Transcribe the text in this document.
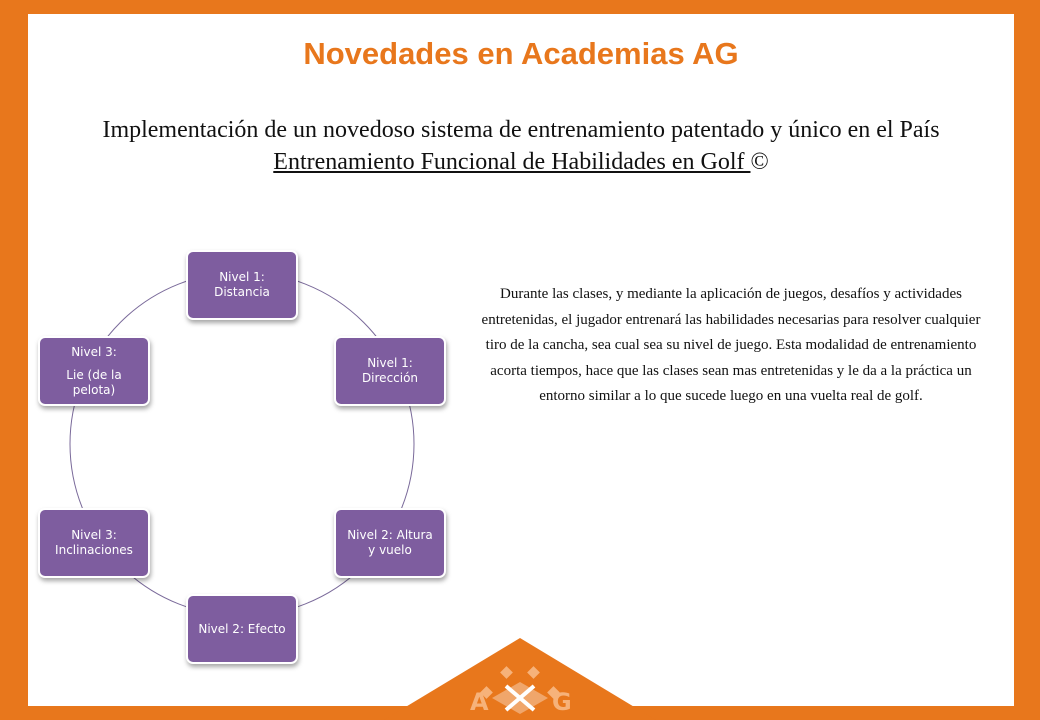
Novedades en Academias AG
Implementación de un novedoso sistema de entrenamiento patentado y único en el País
Entrenamiento Funcional de Habilidades en Golf ©
Nivel 1: Distancia
Nivel 1: Dirección
Nivel 2: Altura y vuelo
Nivel 2: Efecto
Nivel 3: Inclinaciones
Nivel 3:
Lie (de la pelota)
Durante las clases, y mediante la aplicación de juegos, desafíos y actividades entretenidas, el jugador entrenará las habilidades necesarias para resolver cualquier tiro de la cancha, sea cual sea su nivel de juego. Esta modalidad de entrenamiento acorta tiempos, hace que las clases sean mas entretenidas y le da a la práctica un entorno similar a lo que sucede luego en una vuelta real de golf.
A	G
